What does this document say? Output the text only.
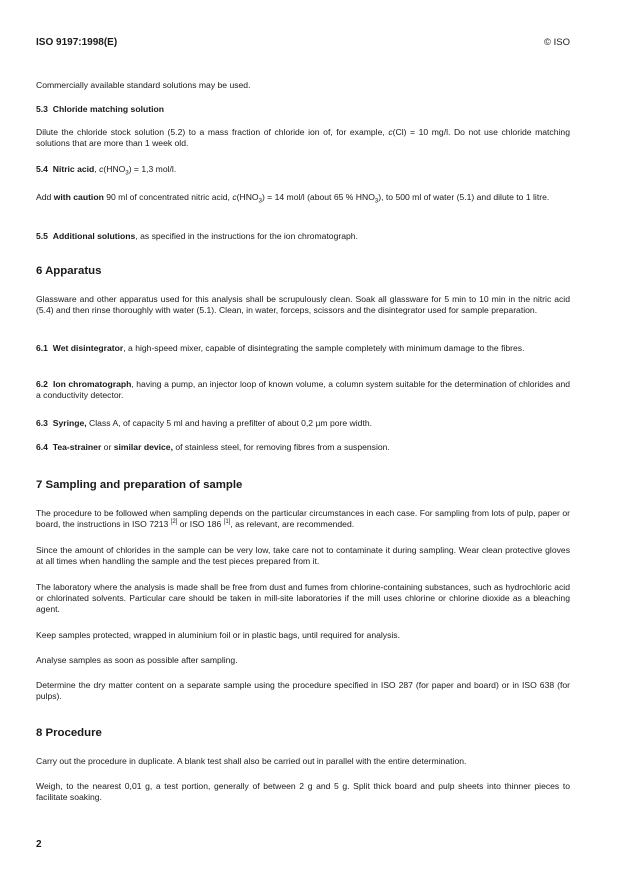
ISO 9197:1998(E)	© ISO
Commercially available standard solutions may be used.
5.3 Chloride matching solution
Dilute the chloride stock solution (5.2) to a mass fraction of chloride ion of, for example, c(Cl) = 10 mg/l. Do not use chloride matching solutions that are more than 1 week old.
5.4 Nitric acid, $c(HNO_3) = 1,3$ mol/l.
Add with caution 90 ml of concentrated nitric acid, $c(HNO_3) = 14$ mol/l (about 65 % $HNO_3$), to 500 ml of water (5.1) and dilute to 1 litre.
5.5 Additional solutions, as specified in the instructions for the ion chromatograph.
6 Apparatus
Glassware and other apparatus used for this analysis shall be scrupulously clean. Soak all glassware for 5 min to 10 min in the nitric acid (5.4) and then rinse thoroughly with water (5.1). Clean, in water, forceps, scissors and the disintegrator used for sample preparation.
6.1 Wet disintegrator, a high-speed mixer, capable of disintegrating the sample completely with minimum damage to the fibres.
6.2 Ion chromatograph, having a pump, an injector loop of known volume, a column system suitable for the determination of chlorides and a conductivity detector.
6.3 Syringe, Class A, of capacity 5 ml and having a prefilter of about 0,2 µm pore width.
6.4 Tea-strainer or similar device, of stainless steel, for removing fibres from a suspension.
7 Sampling and preparation of sample
The procedure to be followed when sampling depends on the particular circumstances in each case. For sampling from lots of pulp, paper or board, the instructions in ISO 7213 [2] or ISO 186 [1], as relevant, are recommended.
Since the amount of chlorides in the sample can be very low, take care not to contaminate it during sampling. Wear clean protective gloves at all times when handling the sample and the test pieces prepared from it.
The laboratory where the analysis is made shall be free from dust and fumes from chlorine-containing substances, such as hydrochloric acid or chlorinated solvents. Particular care should be taken in mill-site laboratories if the mill uses chlorine or chlorine dioxide as a bleaching agent.
Keep samples protected, wrapped in aluminium foil or in plastic bags, until required for analysis.
Analyse samples as soon as possible after sampling.
Determine the dry matter content on a separate sample using the procedure specified in ISO 287 (for paper and board) or in ISO 638 (for pulps).
8 Procedure
Carry out the procedure in duplicate. A blank test shall also be carried out in parallel with the entire determination.
Weigh, to the nearest 0,01 g, a test portion, generally of between 2 g and 5 g. Split thick board and pulp sheets into thinner pieces to facilitate soaking.
2
